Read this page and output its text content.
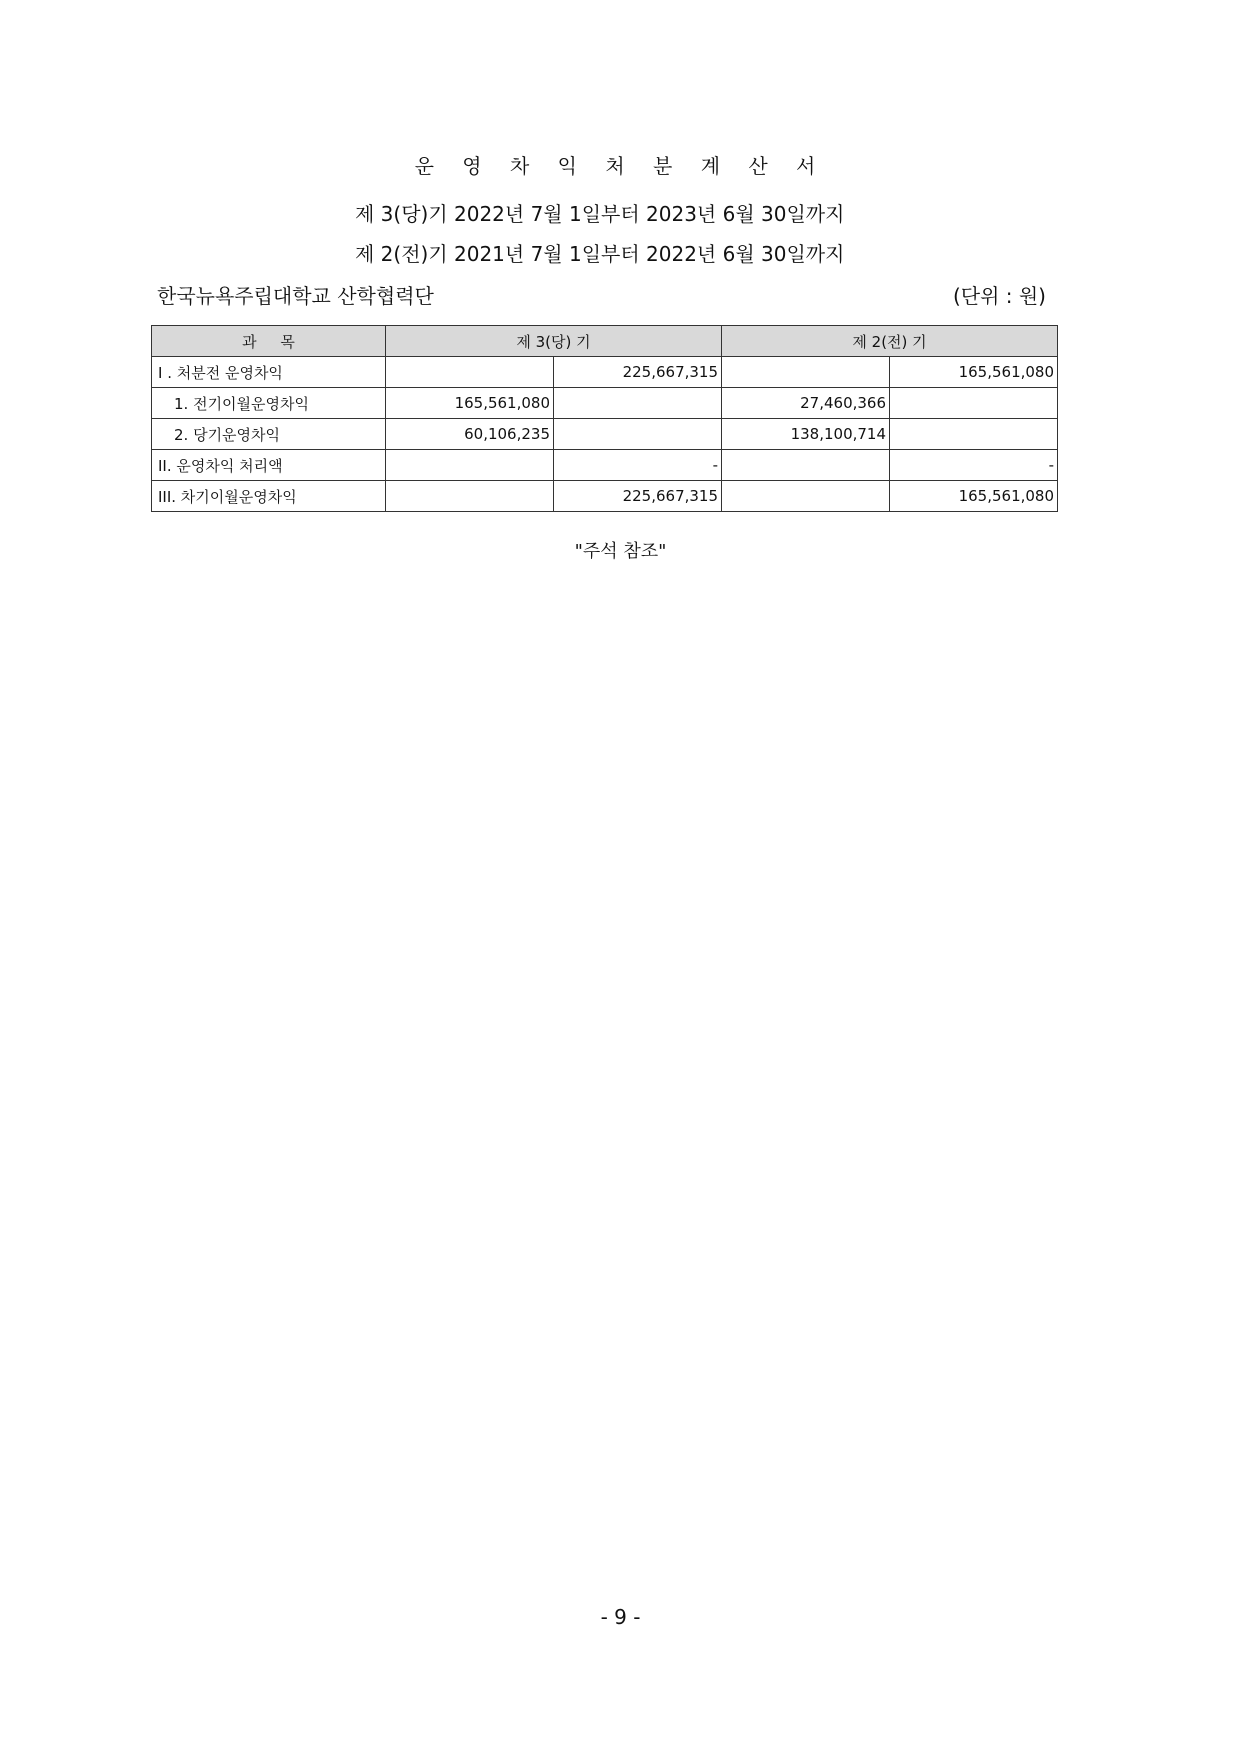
운 영 차 익 처 분 계 산 서
제 3(당)기 2022년 7월 1일부터 2023년 6월 30일까지
제 2(전)기 2021년 7월 1일부터 2022년 6월 30일까지
한국뉴욕주립대학교 산학협력단	(단위 : 원)
과     목	제 3(당) 기		제 2(전) 기	
I . 처분전 운영차익		225,667,315		165,561,080
1. 전기이월운영차익	165,561,080		27,460,366	
2. 당기운영차익	60,106,235		138,100,714	
II. 운영차익 처리액		-		-
III. 차기이월운영차익		225,667,315		165,561,080
"주석 참조"
- 9 -
